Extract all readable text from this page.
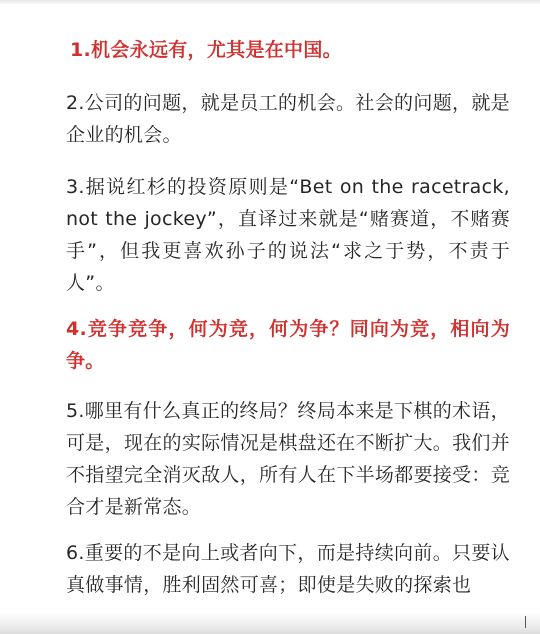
1.机会永远有，尤其是在中国。

2.公司的问题，就是员工的机会。社会的问题，就是企业的机会。

3.据说红杉的投资原则是“Bet on the racetrack, not the jockey”，直译过来就是“赌赛道，不赌赛手”，但我更喜欢孙子的说法“求之于势，不责于人”。

4.竞争竞争，何为竞，何为争？同向为竞，相向为争。

5.哪里有什么真正的终局？终局本来是下棋的术语，可是，现在的实际情况是棋盘还在不断扩大。我们并不指望完全消灭敌人，所有人在下半场都要接受：竞合才是新常态。

6.重要的不是向上或者向下，而是持续向前。只要认真做事情，胜利固然可喜；即使是失败的探索也
